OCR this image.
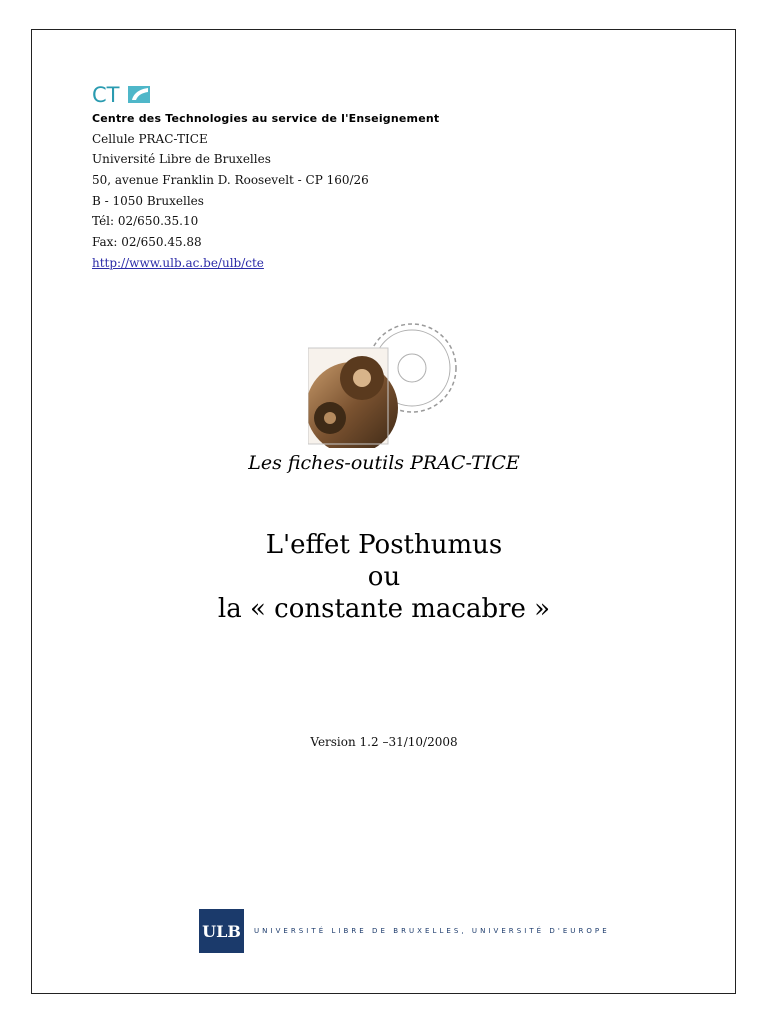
CT
Centre des Technologies au service de l'Enseignement
Cellule PRAC-TICE
Université Libre de Bruxelles
50, avenue Franklin D. Roosevelt - CP 160/26
B - 1050 Bruxelles
Tél: 02/650.35.10
Fax: 02/650.45.88
http://www.ulb.ac.be/ulb/cte
Les fiches-outils PRAC-TICE
L'effet Posthumus
ou
la « constante macabre »
Version 1.2 –31/10/2008
ULB	UNIVERSITÉ LIBRE DE BRUXELLES, UNIVERSITÉ D'EUROPE
